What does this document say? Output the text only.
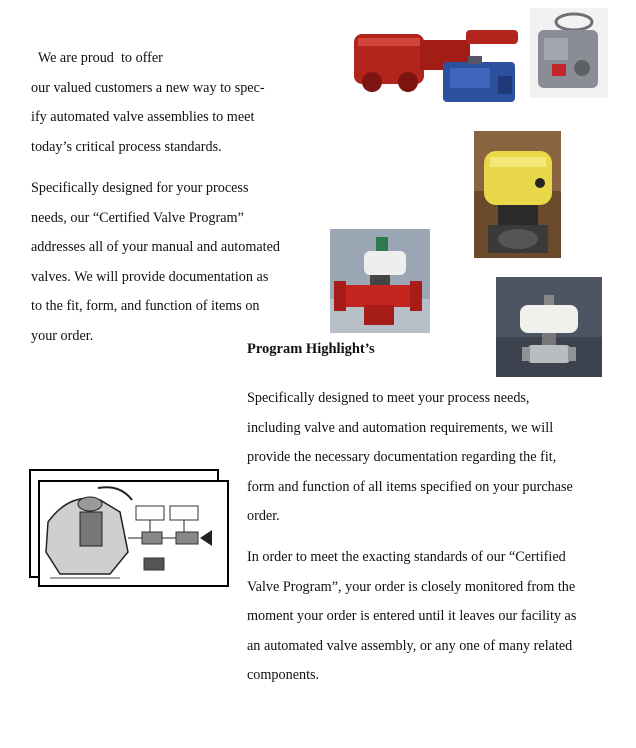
We are proud  to offer
our valued customers a new way to spec-
ify automated valve assemblies to meet
today’s critical process standards.
Specifically designed for your process
needs, our “Certified Valve Program”
addresses all of your manual and automated
valves. We will provide documentation as
to the fit, form, and function of items on
your order.
Program Highlight’s
Specifically designed to meet your process needs,
including valve and automation requirements, we will
provide the necessary documentation regarding the fit,
form and function of all items specified on your purchase
order.
In order to meet the exacting standards of our “Certified
Valve Program”, your order is closely monitored from the
moment your order is entered until it leaves our facility as
an automated valve assembly, or any one of many related
components.
